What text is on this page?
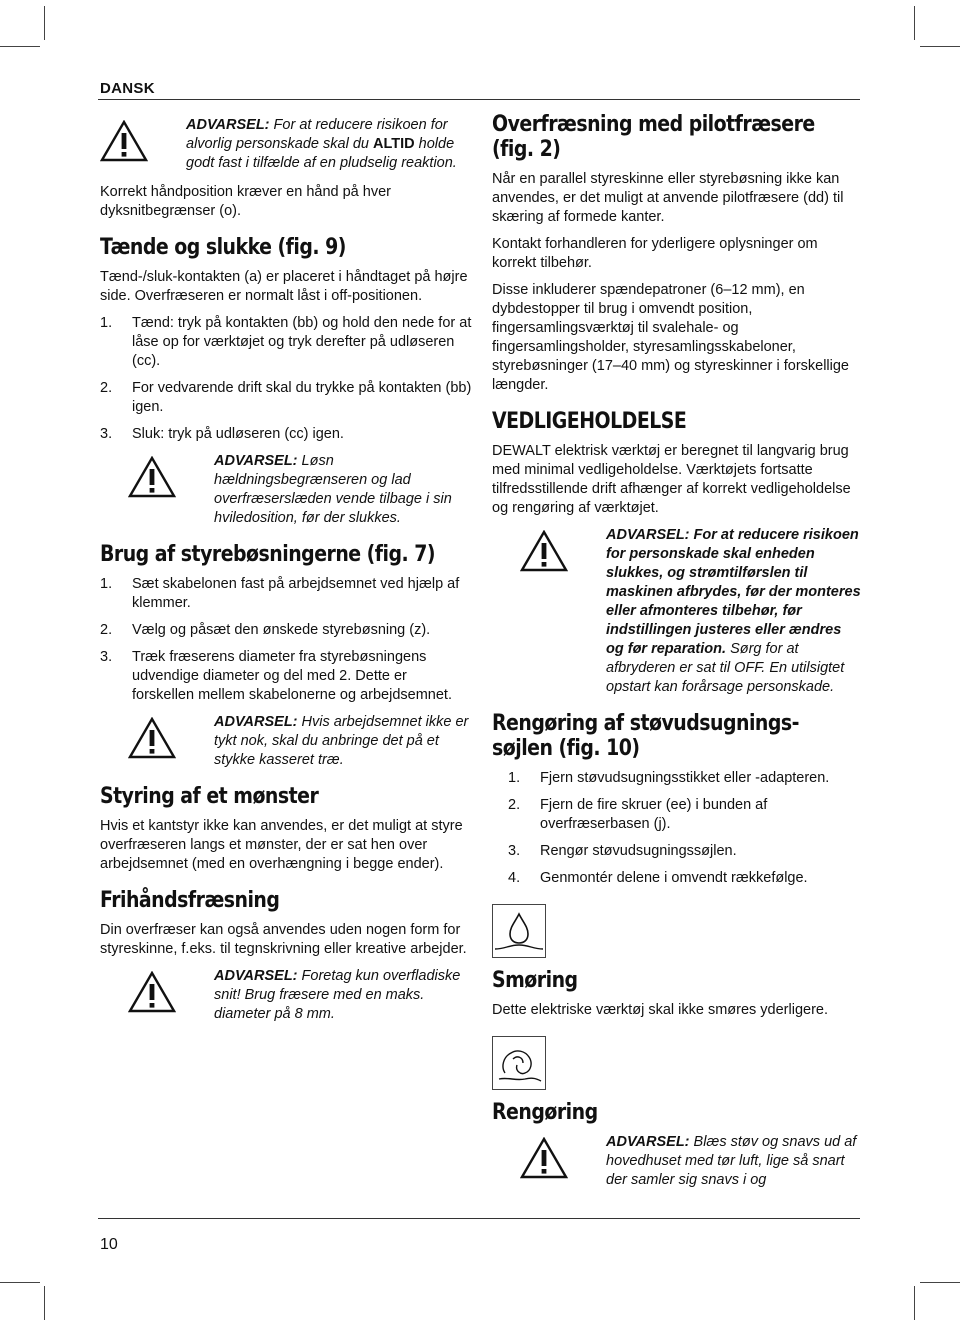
DANSK
ADVARSEL: For at reducere risikoen for alvorlig personskade skal du ALTID holde godt fast i tilfælde af en pludselig reaktion.

Korrekt håndposition kræver en hånd på hver dyksnitbegrænser (o).

Tænde og slukke (fig. 9)

Tænd-/sluk-kontakten (a) er placeret i håndtaget på højre side. Overfræseren er normalt låst i off-positionen.

1.	Tænd: tryk på kontakten (bb) og hold den nede for at låse op for værktøjet og tryk derefter på udløseren (cc).
2.	For vedvarende drift skal du trykke på kontakten (bb) igen.
3.	Sluk: tryk på udløseren (cc) igen.
ADVARSEL: Løsn hældningsbegrænseren og lad overfræserslæden vende tilbage i sin hviledosition, før der slukkes.
Brug af styrebøsningerne (fig. 7)
1.	Sæt skabelonen fast på arbejdsemnet ved hjælp af klemmer.
2.	Vælg og påsæt den ønskede styrebøsning (z).
3.	Træk fræserens diameter fra styrebøsningens udvendige diameter og del med 2. Dette er forskellen mellem skabelonerne og arbejdsemnet.
ADVARSEL: Hvis arbejdsemnet ikke er tykt nok, skal du anbringe det på et stykke kasseret træ.
Styring af et mønster

Hvis et kantstyr ikke kan anvendes, er det muligt at styre overfræseren langs et mønster, der er sat hen over arbejdsemnet (med en overhængning i begge ender).

Frihåndsfræsning

Din overfræser kan også anvendes uden nogen form for styreskinne, f.eks. til tegnskrivning eller kreative arbejder.

ADVARSEL: Foretag kun overfladiske snit! Brug fræsere med en maks. diameter på 8 mm.
Overfræsning med pilotfræsere (fig. 2)

Når en parallel styreskinne eller styrebøsning ikke kan anvendes, er det muligt at anvende pilotfræsere (dd) til skæring af formede kanter.

Kontakt forhandleren for yderligere oplysninger om korrekt tilbehør.

Disse inkluderer spændepatroner (6–12 mm), en dybdestopper til brug i omvendt position, fingersamlingsværktøj til svalehale- og fingersamlingsholder, styresamlingsskabeloner, styrebøsninger (17–40 mm) og styreskinner i forskellige længder.

VEDLIGEHOLDELSE

DEWALT elektrisk værktøj er beregnet til langvarig brug med minimal vedligeholdelse. Værktøjets fortsatte tilfredsstillende drift afhænger af korrekt vedligeholdelse og rengøring af værktøjet.

ADVARSEL: For at reducere risikoen for personskade skal enheden slukkes, og strømtilførslen til maskinen afbrydes, før der monteres eller afmonteres tilbehør, før indstillingen justeres eller ændres og før reparation. Sørg for at afbryderen er sat til OFF. En utilsigtet opstart kan forårsage personskade.
Rengøring af støvudsugnings-søjlen (fig. 10)
1.	Fjern støvudsugningsstikket eller -adapteren.
2.	Fjern de fire skruer (ee) i bunden af overfræserbasen (j).
3.	Rengør støvudsugningssøjlen.
4.	Genmontér delene i omvendt rækkefølge.
Smøring

Dette elektriske værktøj skal ikke smøres yderligere.

Rengøring
ADVARSEL: Blæs støv og snavs ud af hovedhuset med tør luft, lige så snart der samler sig snavs i og
10
